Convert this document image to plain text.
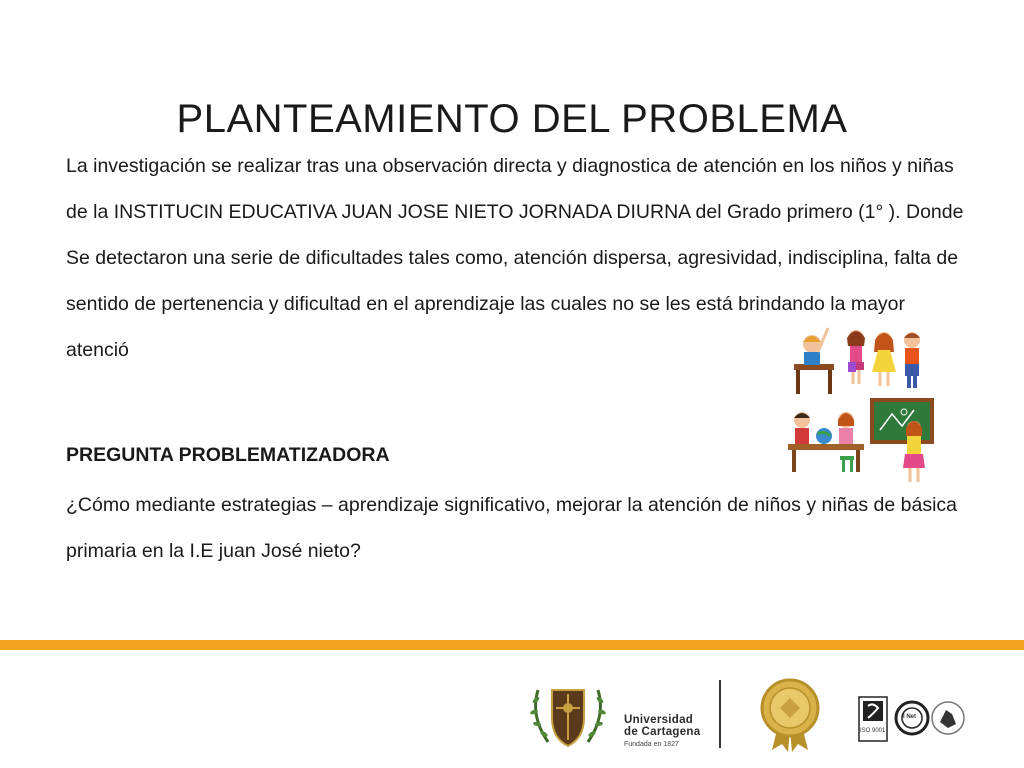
PLANTEAMIENTO DEL PROBLEMA

La investigación se realizar tras una observación directa y diagnostica de atención en los niños y niñas de la INSTITUCIN EDUCATIVA JUAN JOSE NIETO JORNADA DIURNA del Grado primero (1° ). Donde Se detectaron una serie de dificultades tales como, atención dispersa, agresividad, indisciplina, falta de sentido de pertenencia y dificultad en el aprendizaje las cuales no se les está brindando la mayor atenció

PREGUNTA PROBLEMATIZADORA

¿Cómo mediante estrategias – aprendizaje significativo, mejorar la atención de niños y niñas de básica primaria en la I.E juan José nieto?

Universidad
de Cartagena
Fundada en 1827
ISO 9001
I Net
